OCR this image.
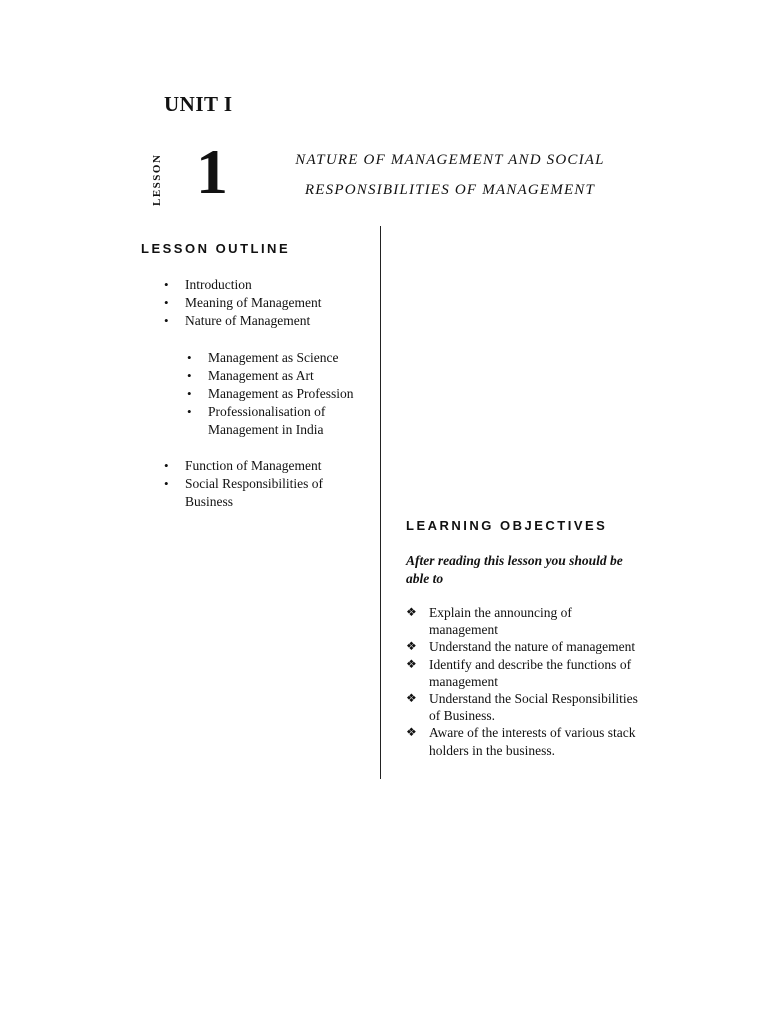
UNIT I
LESSON 1	NATURE OF MANAGEMENT AND SOCIAL
RESPONSIBILITIES OF MANAGEMENT
LESSON OUTLINE
• Introduction
• Meaning of Management
• Nature of Management
• Management as Science
• Management as Art
• Management as Profession
• Professionalisation of Management in India
• Function of Management
• Social Responsibilities of Business
LEARNING OBJECTIVES
After reading this lesson you should be able to
❖ Explain the announcing of management
❖ Understand the nature of management
❖ Identify and describe the functions of management
❖ Understand the Social Responsibilities of Business.
❖ Aware of the interests of various stack holders in the business.
